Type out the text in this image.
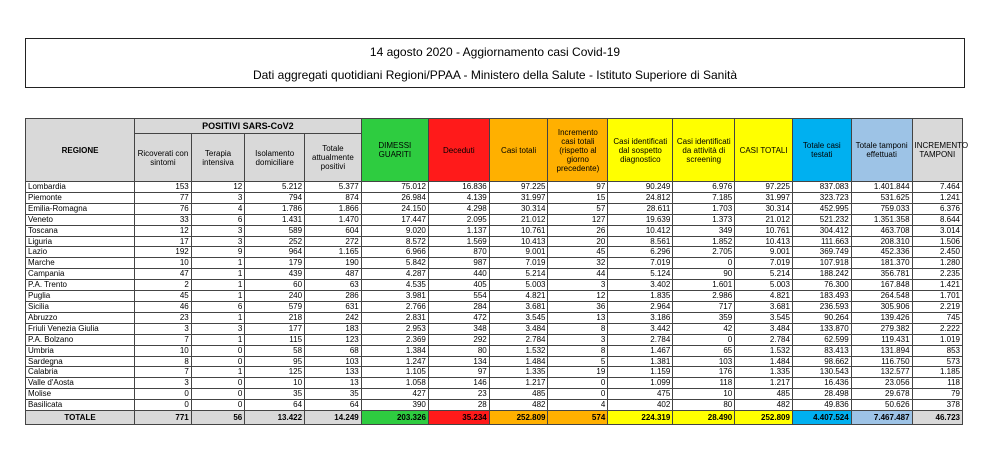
14 agosto 2020 - Aggiornamento casi Covid-19
Dati aggregati quotidiani Regioni/PPAA - Ministero della Salute - Istituto Superiore di Sanità
REGIONE	POSITIVI SARS-CoV2				DIMESSI GUARITI	Deceduti	Casi totali	Incremento casi totali (rispetto al giorno precedente)	Casi identificati dal sospetto diagnostico	Casi identificati da attività di screening	CASI TOTALI	Totale casi testati	Totale tamponi effettuati	INCREMENTO TAMPONI
	Ricoverati con sintomi	Terapia intensiva	Isolamento domiciliare	Totale attualmente positivi										
Lombardia	153	12	5.212	5.377	75.012	16.836	97.225	97	90.249	6.976	97.225	837.083	1.401.844	7.464
Piemonte	77	3	794	874	26.984	4.139	31.997	15	24.812	7.185	31.997	323.723	531.625	1.241
Emilia-Romagna	76	4	1.786	1.866	24.150	4.298	30.314	57	28.611	1.703	30.314	452.995	759.033	6.376
Veneto	33	6	1.431	1.470	17.447	2.095	21.012	127	19.639	1.373	21.012	521.232	1.351.358	8.644
Toscana	12	3	589	604	9.020	1.137	10.761	26	10.412	349	10.761	304.412	463.708	3.014
Liguria	17	3	252	272	8.572	1.569	10.413	20	8.561	1.852	10.413	111.663	208.310	1.506
Lazio	192	9	964	1.165	6.966	870	9.001	45	6.296	2.705	9.001	369.749	452.336	2.450
Marche	10	1	179	190	5.842	987	7.019	32	7.019	0	7.019	107.918	181.370	1.280
Campania	47	1	439	487	4.287	440	5.214	44	5.124	90	5.214	188.242	356.781	2.235
P.A. Trento	2	1	60	63	4.535	405	5.003	3	3.402	1.601	5.003	76.300	167.848	1.421
Puglia	45	1	240	286	3.981	554	4.821	12	1.835	2.986	4.821	183.493	264.548	1.701
Sicilia	46	6	579	631	2.766	284	3.681	36	2.964	717	3.681	236.593	305.906	2.219
Abruzzo	23	1	218	242	2.831	472	3.545	13	3.186	359	3.545	90.264	139.426	745
Friuli Venezia Giulia	3	3	177	183	2.953	348	3.484	8	3.442	42	3.484	133.870	279.382	2.222
P.A. Bolzano	7	1	115	123	2.369	292	2.784	3	2.784	0	2.784	62.599	119.431	1.019
Umbria	10	0	58	68	1.384	80	1.532	8	1.467	65	1.532	83.413	131.894	853
Sardegna	8	0	95	103	1.247	134	1.484	5	1.381	103	1.484	98.662	116.750	573
Calabria	7	1	125	133	1.105	97	1.335	19	1.159	176	1.335	130.543	132.577	1.185
Valle d'Aosta	3	0	10	13	1.058	146	1.217	0	1.099	118	1.217	16.436	23.056	118
Molise	0	0	35	35	427	23	485	0	475	10	485	28.498	29.678	79
Basilicata	0	0	64	64	390	28	482	4	402	80	482	49.836	50.626	378
TOTALE	771	56	13.422	14.249	203.326	35.234	252.809	574	224.319	28.490	252.809	4.407.524	7.467.487	46.723
